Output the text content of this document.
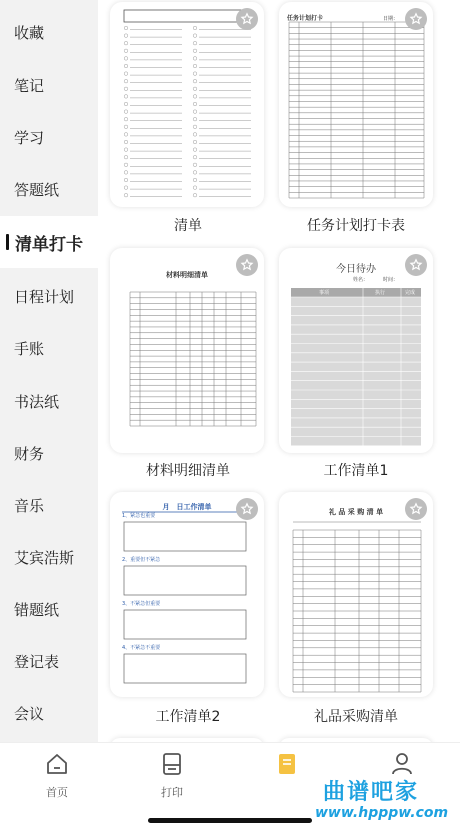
收藏
笔记
学习
答题纸
清单打卡
日程计划
手账
书法纸
财务
音乐
艾宾浩斯
错题纸
登记表
会议
清单
任务计划打卡	日期：
任务计划打卡表
材料明细清单
材料明细清单
今日待办
姓名：	时间：
事项	执行	完成
工作清单1
月　日工作清单
1、紧急也重要
2、重要但不紧急
3、不紧急但重要
4、不紧急不重要
工作清单2
礼 品 采 购 清 单
礼品采购清单
首页	打印	曲谱吧家
www.hpppw.com
